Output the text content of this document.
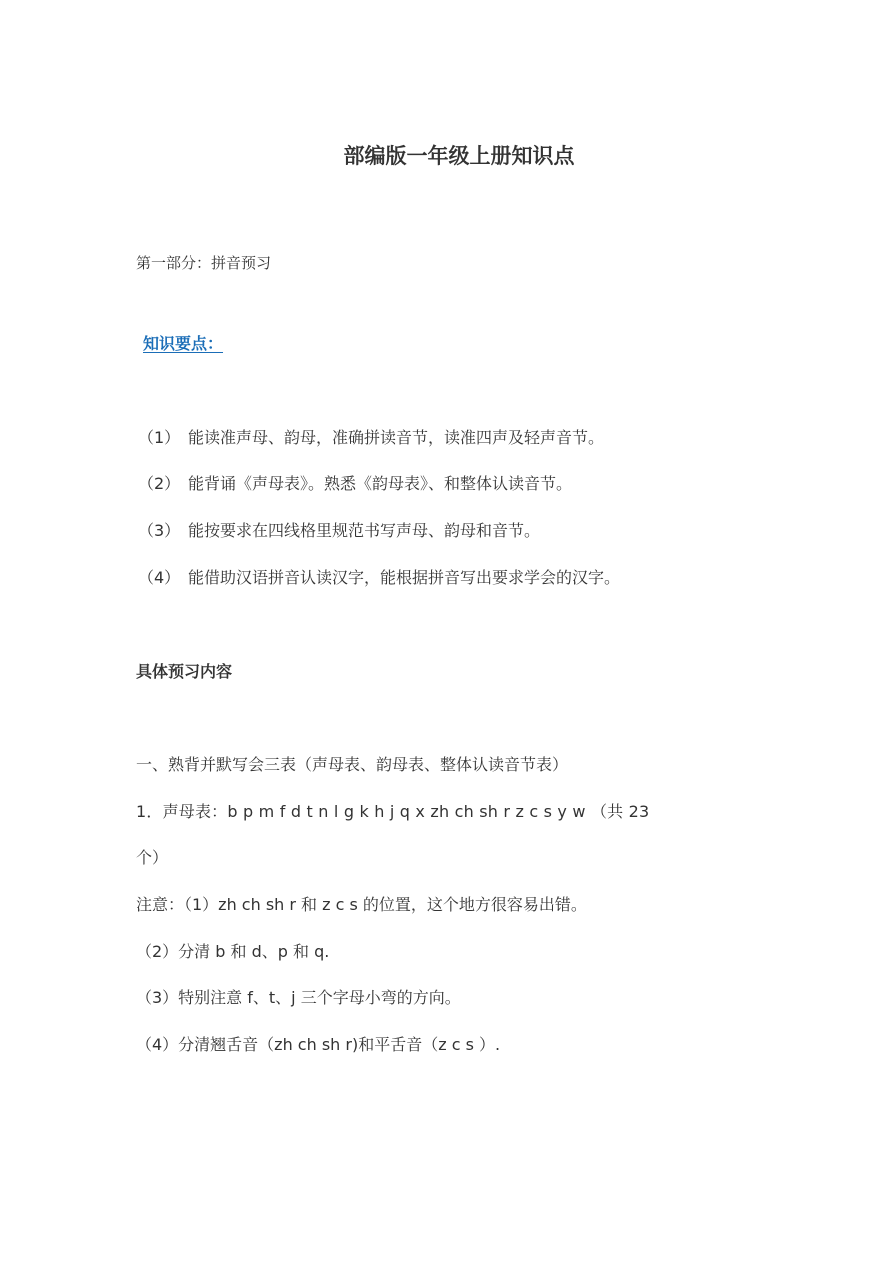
部编版一年级上册知识点
第一部分：拼音预习
知识要点：
（1） 能读准声母、韵母，准确拼读音节，读准四声及轻声音节。
（2） 能背诵《声母表》。熟悉《韵母表》、和整体认读音节。
（3） 能按要求在四线格里规范书写声母、韵母和音节。
（4） 能借助汉语拼音认读汉字，能根据拼音写出要求学会的汉字。
具体预习内容
一、熟背并默写会三表（声母表、韵母表、整体认读音节表）
1．声母表：b p m f d t n l g k h j q x zh ch sh r z c s y w （共 23
个）
注意：（1）zh ch sh r 和 z c s 的位置，这个地方很容易出错。
（2）分清 b 和 d、p 和 q.
（3）特别注意 f、t、j 三个字母小弯的方向。
（4）分清翘舌音（zh ch sh r)和平舌音（z c s ）.
